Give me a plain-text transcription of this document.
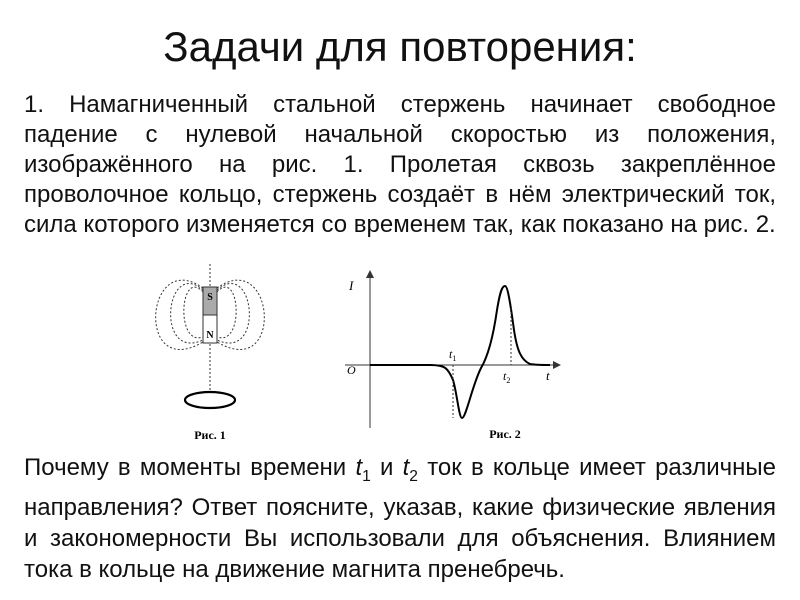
Задачи для повторения:
1. Намагниченный стальной стержень начинает свободное падение с нулевой начальной скоростью из положения, изображённого на рис. 1. Пролетая сквозь закреплённое проволочное кольцо, стержень создаёт в нём электрический ток, сила которого изменяется со временем так, как показано на рис. 2.
S
N
Рис. 1
I
O	t
$t_1$
$t_2$
Рис. 2
Почему в моменты времени $t_1$ и $t_2$ ток в кольце имеет различные направления? Ответ поясните, указав, какие физические явления и закономерности Вы использовали для объяснения. Влиянием тока в кольце на движение магнита пренебречь.
